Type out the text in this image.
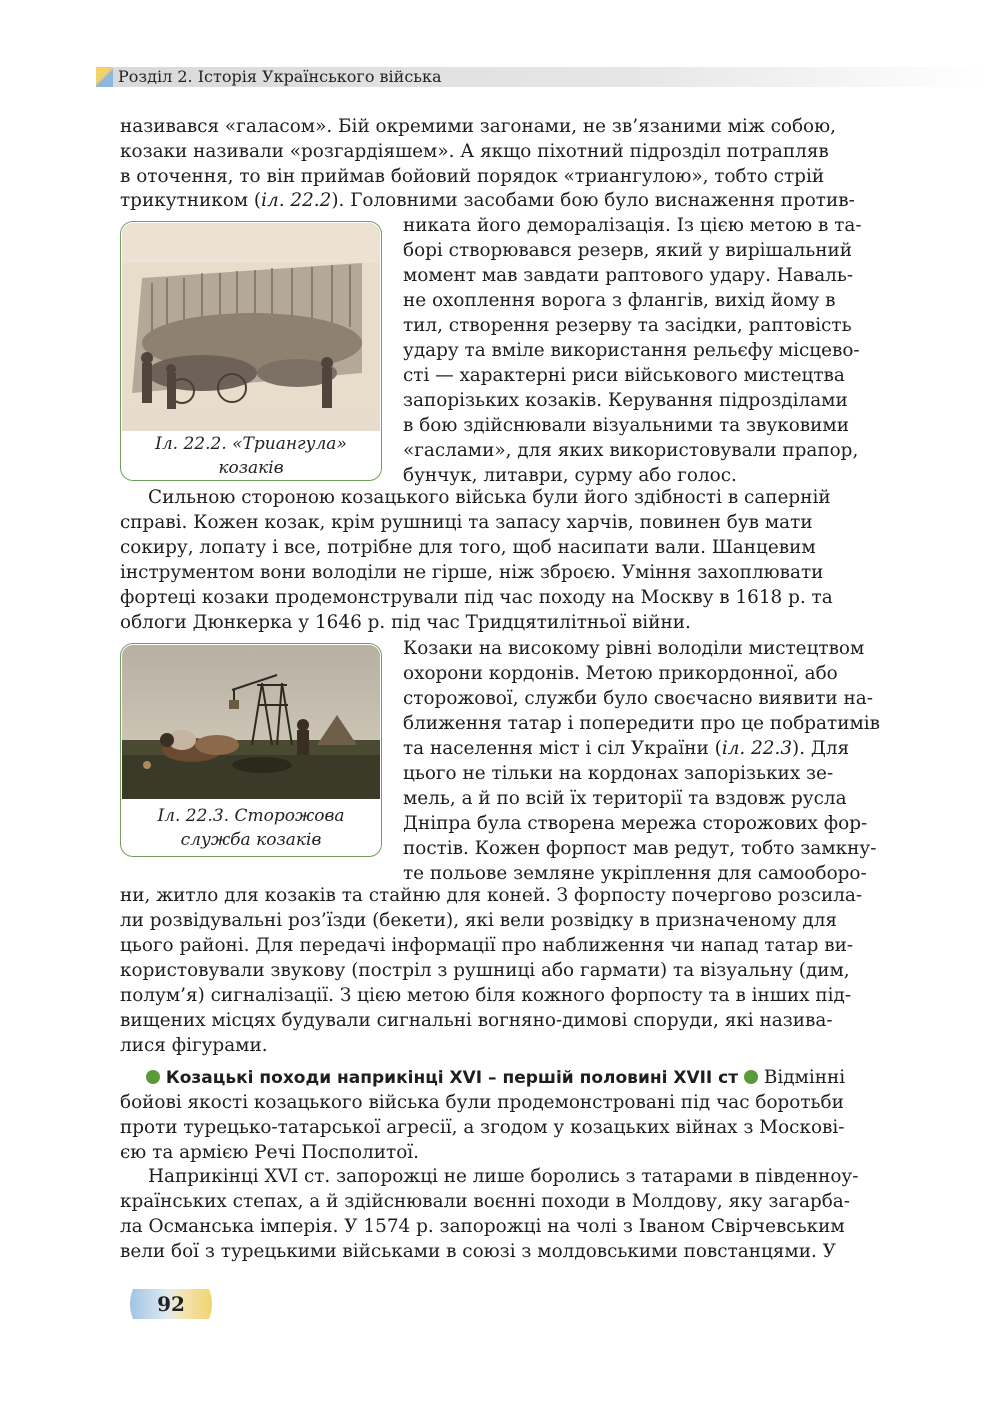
Розділ 2. Історія Українського війська
називався «галасом». Бій окремими загонами, не зв’язаними між собою,
козаки називали «розгардіяшем». А якщо піхотний підрозділ потрапляв
в оточення, то він приймав бойовий порядок «триангулою», тобто стрій
трикутником (іл. 22.2). Головними засобами бою було виснаження против-
Іл. 22.2. «Триангула»
козаків
никата його деморалізація. Із цією метою в та-
борі створювався резерв, який у вирішальний
момент мав завдати раптового удару. Наваль-
не охоплення ворога з флангів, вихід йому в
тил, створення резерву та засідки, раптовість
удару та вміле використання рельєфу місцево-
сті — характерні риси військового мистецтва
запорізьких козаків. Керування підрозділами
в бою здійснювали візуальними та звуковими
«гаслами», для яких використовували прапор,
бунчук, литаври, сурму або голос.
Сильною стороною козацького війська були його здібності в саперній
справі. Кожен козак, крім рушниці та запасу харчів, повинен був мати
сокиру, лопату і все, потрібне для того, щоб насипати вали. Шанцевим
інструментом вони володіли не гірше, ніж зброєю. Уміння захоплювати
фортеці козаки продемонстрували під час походу на Москву в 1618 р. та
облоги Дюнкерка у 1646 р. під час Тридцятилітньої війни.
Іл. 22.3. Сторожова
служба козаків
Козаки на високому рівні володіли мистецтвом
охорони кордонів. Метою прикордонної, або
сторожової, служби було своєчасно виявити на-
ближення татар і попередити про це побратимів
та населення міст і сіл України (іл. 22.3). Для
цього не тільки на кордонах запорізьких зе-
мель, а й по всій їх території та вздовж русла
Дніпра була створена мережа сторожових фор-
постів. Кожен форпост мав редут, тобто замкну-
те польове земляне укріплення для самооборо-
ни, житло для козаків та стайню для коней. З форпосту почергово розсила-
ли розвідувальні роз’їзди (бекети), які вели розвідку в призначеному для
цього районі. Для передачі інформації про наближення чи напад татар ви-
користовували звукову (постріл з рушниці або гармати) та візуальну (дим,
полум’я) сигналізації. З цією метою біля кожного форпосту та в інших під-
вищених місцях будували сигнальні вогняно-димові споруди, які назива-
лися фігурами.
Козацькі походи наприкінці XVI – першій половині XVII ст Відмінні
бойові якості козацького війська були продемонстровані під час боротьби
проти турецько-татарської агресії, а згодом у козацьких війнах з Москові-
єю та армією Речі Посполитої.
Наприкінці XVI ст. запорожці не лише боролись з татарами в південноу-
країнських степах, а й здійснювали воєнні походи в Молдову, яку загарба-
ла Османська імперія. У 1574 р. запорожці на чолі з Іваном Свірчевським
вели бої з турецькими військами в союзі з молдовськими повстанцями. У
92
